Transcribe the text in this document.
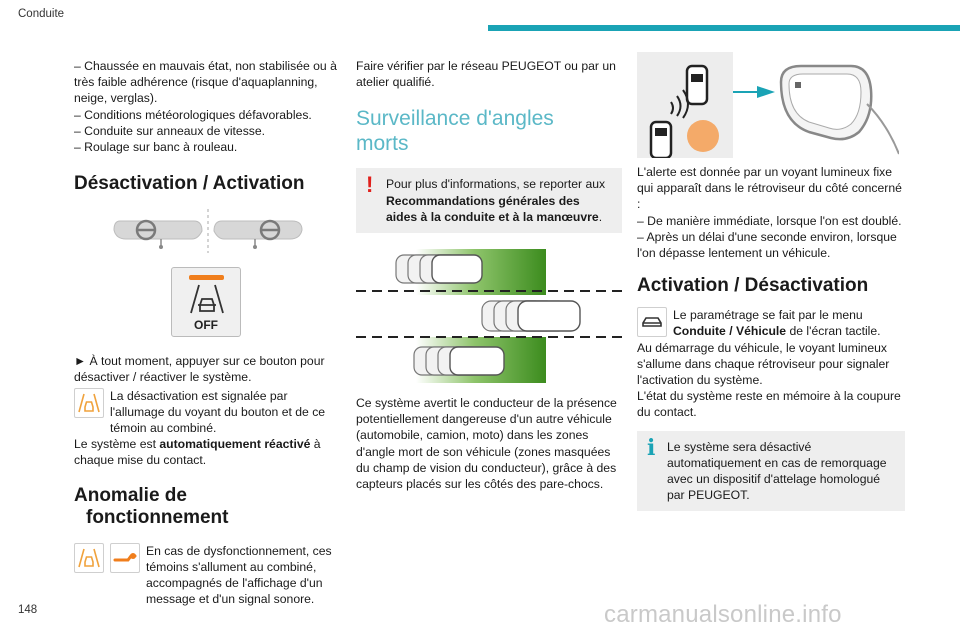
Conduite

– Chaussée en mauvais état, non stabilisée ou à très faible adhérence (risque d'aquaplanning, neige, verglas).

– Conditions météorologiques défavorables.

– Conduite sur anneaux de vitesse.

– Roulage sur banc à rouleau.

Désactivation / Activation
OFF

► À tout moment, appuyer sur ce bouton pour désactiver / réactiver le système.

La désactivation est signalée par l'allumage du voyant du bouton et de ce témoin au combiné.

Le système est automatiquement réactivé à chaque mise du contact.

Anomalie de
fonctionnement

En cas de dysfonctionnement, ces témoins s'allument au combiné, accompagnés de l'affichage d'un message et d'un signal sonore.

Faire vérifier par le réseau PEUGEOT ou par un atelier qualifié.

Surveillance d'angles
morts
!	Pour plus d'informations, se reporter aux Recommandations générales des aides à la conduite et à la manœuvre.

Ce système avertit le conducteur de la présence potentiellement dangereuse d'un autre véhicule (automobile, camion, moto) dans les zones d'angle mort de son véhicule (zones masquées du champ de vision du conducteur), grâce à des capteurs placés sur les côtés des pare-chocs.

L'alerte est donnée par un voyant lumineux fixe qui apparaît dans le rétroviseur du côté concerné :

– De manière immédiate, lorsque l'on est doublé.

– Après un délai d'une seconde environ, lorsque l'on dépasse lentement un véhicule.

Activation / Désactivation

Le paramétrage se fait par le menu Conduite / Véhicule de l'écran tactile.

Au démarrage du véhicule, le voyant lumineux s'allume dans chaque rétroviseur pour signaler l'activation du système.

L'état du système reste en mémoire à la coupure du contact.

i Le système sera désactivé automatiquement en cas de remorquage avec un dispositif d'attelage homologué par PEUGEOT.

148	carmanualsonline.info
